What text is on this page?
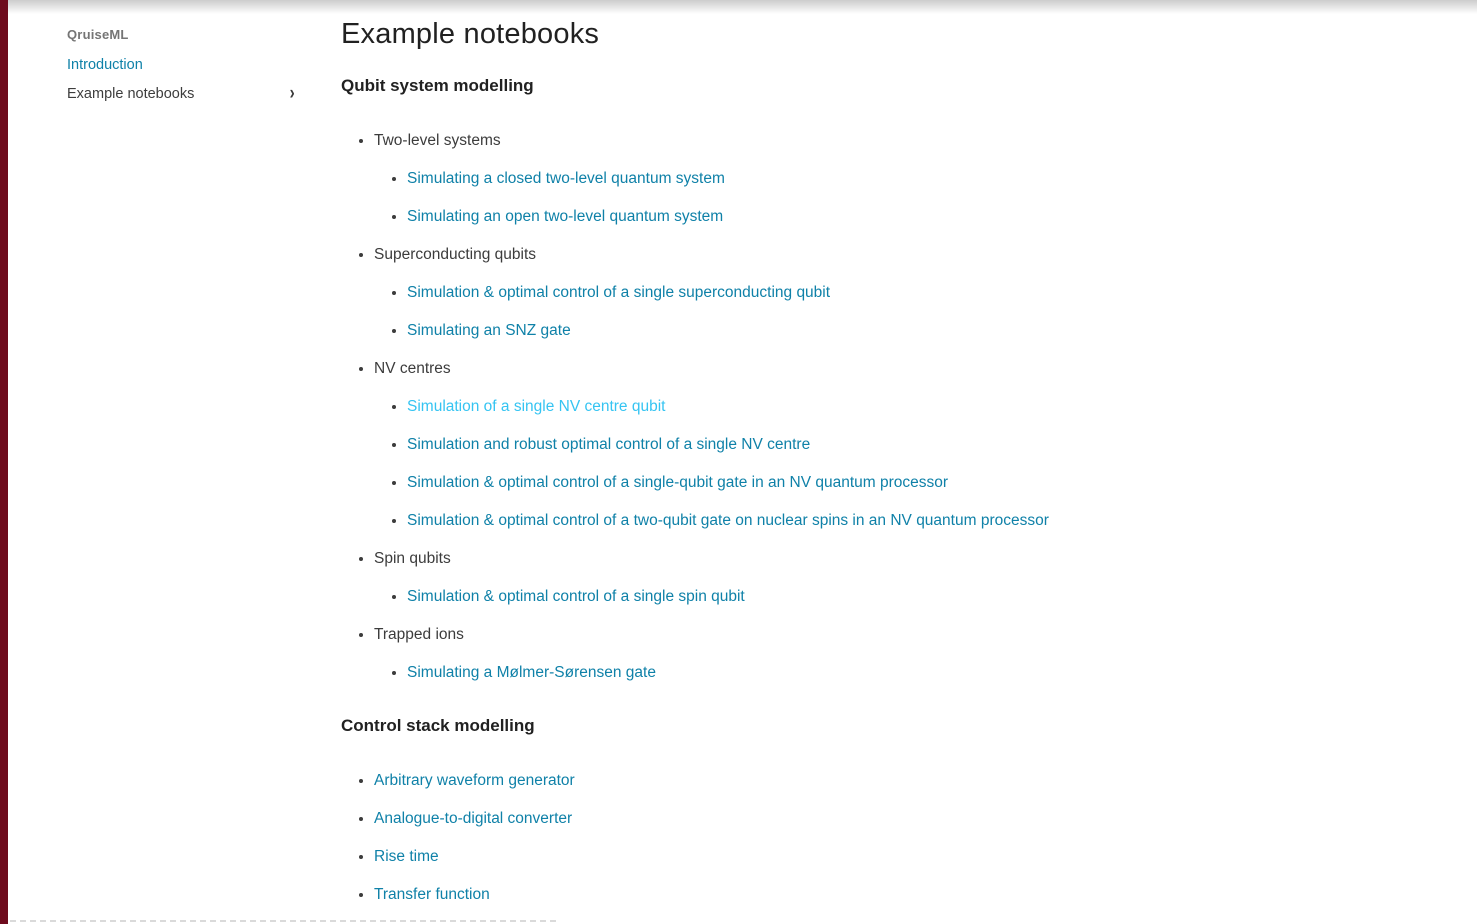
QruiseML
Introduction
Example notebooks	›
Example notebooks
Qubit system modelling
• Two-level systems
• Simulating a closed two-level quantum system
• Simulating an open two-level quantum system
• Superconducting qubits
• Simulation & optimal control of a single superconducting qubit
• Simulating an SNZ gate
• NV centres
• Simulation of a single NV centre qubit
• Simulation and robust optimal control of a single NV centre
• Simulation & optimal control of a single-qubit gate in an NV quantum processor
• Simulation & optimal control of a two-qubit gate on nuclear spins in an NV quantum processor
• Spin qubits
• Simulation & optimal control of a single spin qubit
• Trapped ions
• Simulating a Mølmer-Sørensen gate
Control stack modelling
• Arbitrary waveform generator
• Analogue-to-digital converter
• Rise time
• Transfer function
